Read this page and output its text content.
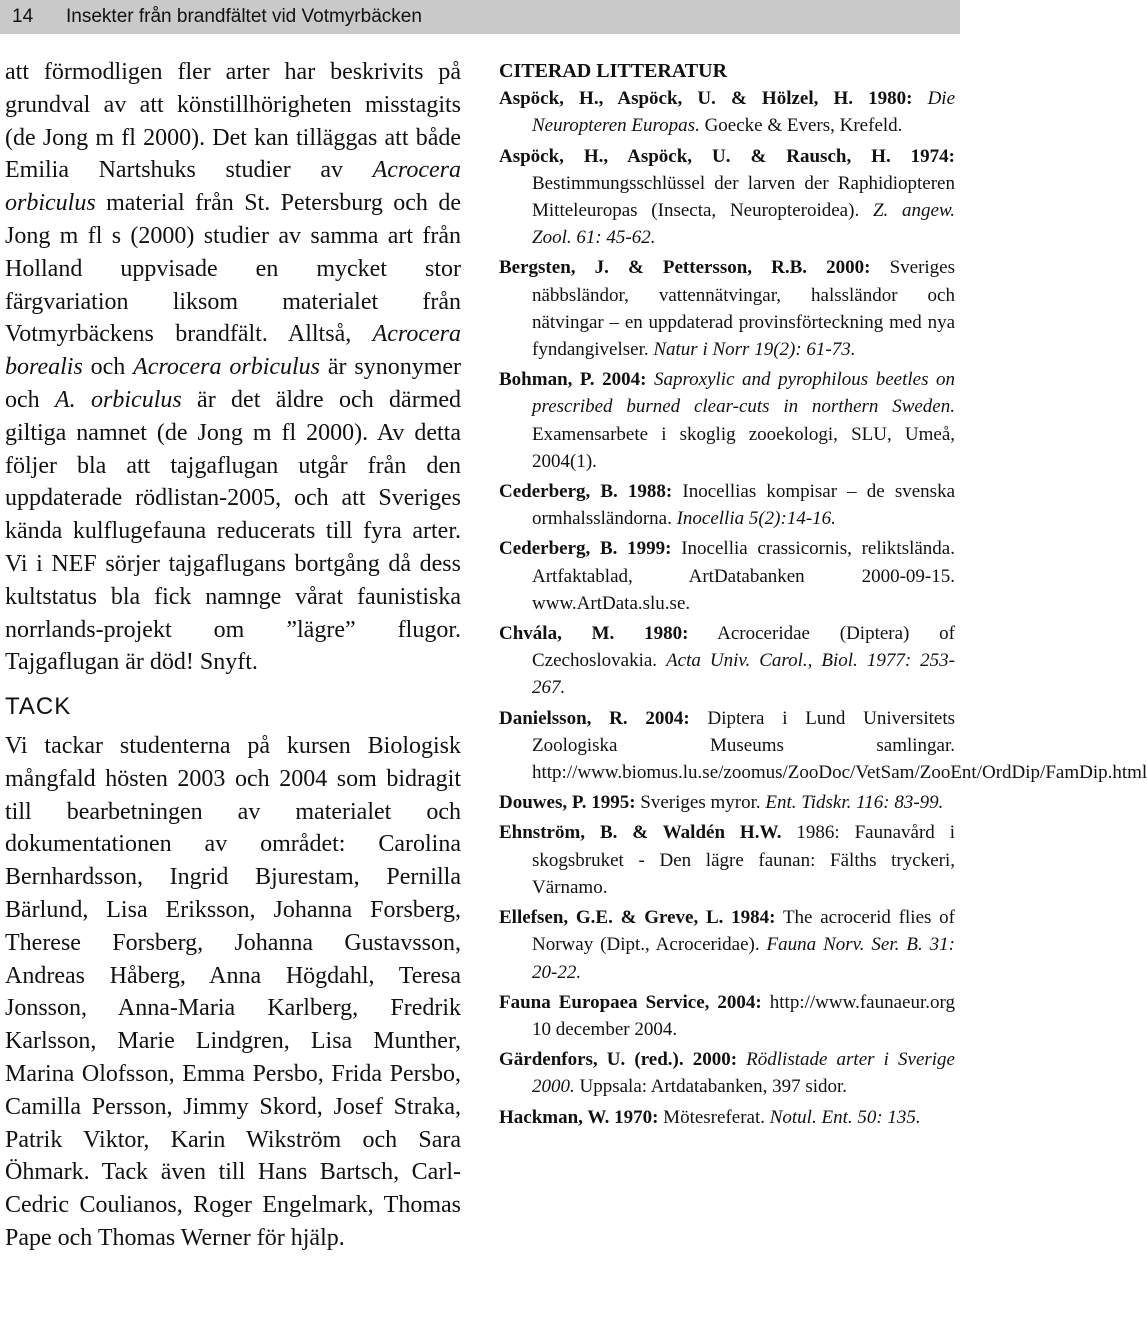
14 Insekter från brandfältet vid Votmyrbäcken

att förmodligen fler arter har beskrivits på grundval av att könstillhörigheten misstagits (de Jong m fl 2000). Det kan tilläggas att både Emilia Nartshuks studier av Acrocera orbiculus material från St. Petersburg och de Jong m fl s (2000) studier av samma art från Holland uppvisade en mycket stor färgvariation liksom materialet från Votmyrbäckens brandfält. Alltså, Acrocera borealis och Acrocera orbiculus är synonymer och A. orbiculus är det äldre och därmed giltiga namnet (de Jong m fl 2000). Av detta följer bla att tajgaflugan utgår från den uppdaterade rödlistan-2005, och att Sveriges kända kulflugefauna reducerats till fyra arter. Vi i NEF sörjer tajgaflugans bortgång då dess kultstatus bla fick namnge vårat faunistiska norrlands-projekt om ”lägre” flugor. Tajgaflugan är död! Snyft.

TACK

Vi tackar studenterna på kursen Biologisk mångfald hösten 2003 och 2004 som bidragit till bearbetningen av materialet och dokumentationen av området: Carolina Bernhardsson, Ingrid Bjurestam, Pernilla Bärlund, Lisa Eriksson, Johanna Forsberg, Therese Forsberg, Johanna Gustavsson, Andreas Håberg, Anna Högdahl, Teresa Jonsson, Anna-Maria Karlberg, Fredrik Karlsson, Marie Lindgren, Lisa Munther, Marina Olofsson, Emma Persbo, Frida Persbo, Camilla Persson, Jimmy Skord, Josef Straka, Patrik Viktor, Karin Wikström och Sara Öhmark. Tack även till Hans Bartsch, Carl-Cedric Coulianos, Roger Engelmark, Thomas Pape och Thomas Werner för hjälp.

CITERAD LITTERATUR

Aspöck, H., Aspöck, U. & Hölzel, H. 1980: Die Neuropteren Europas. Goecke & Evers, Krefeld.

Aspöck, H., Aspöck, U. & Rausch, H. 1974: Bestimmungsschlüssel der larven der Raphidiopteren Mitteleuropas (Insecta, Neuropteroidea). Z. angew. Zool. 61: 45-62.

Bergsten, J. & Pettersson, R.B. 2000: Sveriges näbbsländor, vattennätvingar, halssländor och nätvingar – en uppdaterad provinsförteckning med nya fyndangivelser. Natur i Norr 19(2): 61-73.

Bohman, P. 2004: Saproxylic and pyrophilous beetles on prescribed burned clear-cuts in northern Sweden. Examensarbete i skoglig zooekologi, SLU, Umeå, 2004(1).

Cederberg, B. 1988: Inocellias kompisar – de svenska ormhalssländorna. Inocellia 5(2):14-16.

Cederberg, B. 1999: Inocellia crassicornis, reliktslända. Artfaktablad, ArtDatabanken 2000-09-15. www.ArtData.slu.se.

Chvála, M. 1980: Acroceridae (Diptera) of Czechoslovakia. Acta Univ. Carol., Biol. 1977: 253-267.

Danielsson, R. 2004: Diptera i Lund Universitets Zoologiska Museums samlingar. http://www.biomus.lu.se/zoomus/ZooDoc/VetSam/ZooEnt/OrdDip/FamDip.html

Douwes, P. 1995: Sveriges myror. Ent. Tidskr. 116: 83-99.

Ehnström, B. & Waldén H.W. 1986: Faunavård i skogsbruket - Den lägre faunan: Fälths tryckeri, Värnamo.

Ellefsen, G.E. & Greve, L. 1984: The acrocerid flies of Norway (Dipt., Acroceridae). Fauna Norv. Ser. B. 31: 20-22.

Fauna Europaea Service, 2004: http://www.faunaeur.org 10 december 2004.

Gärdenfors, U. (red.). 2000: Rödlistade arter i Sverige 2000. Uppsala: Artdatabanken, 397 sidor.

Hackman, W. 1970: Mötesreferat. Notul. Ent. 50: 135.
